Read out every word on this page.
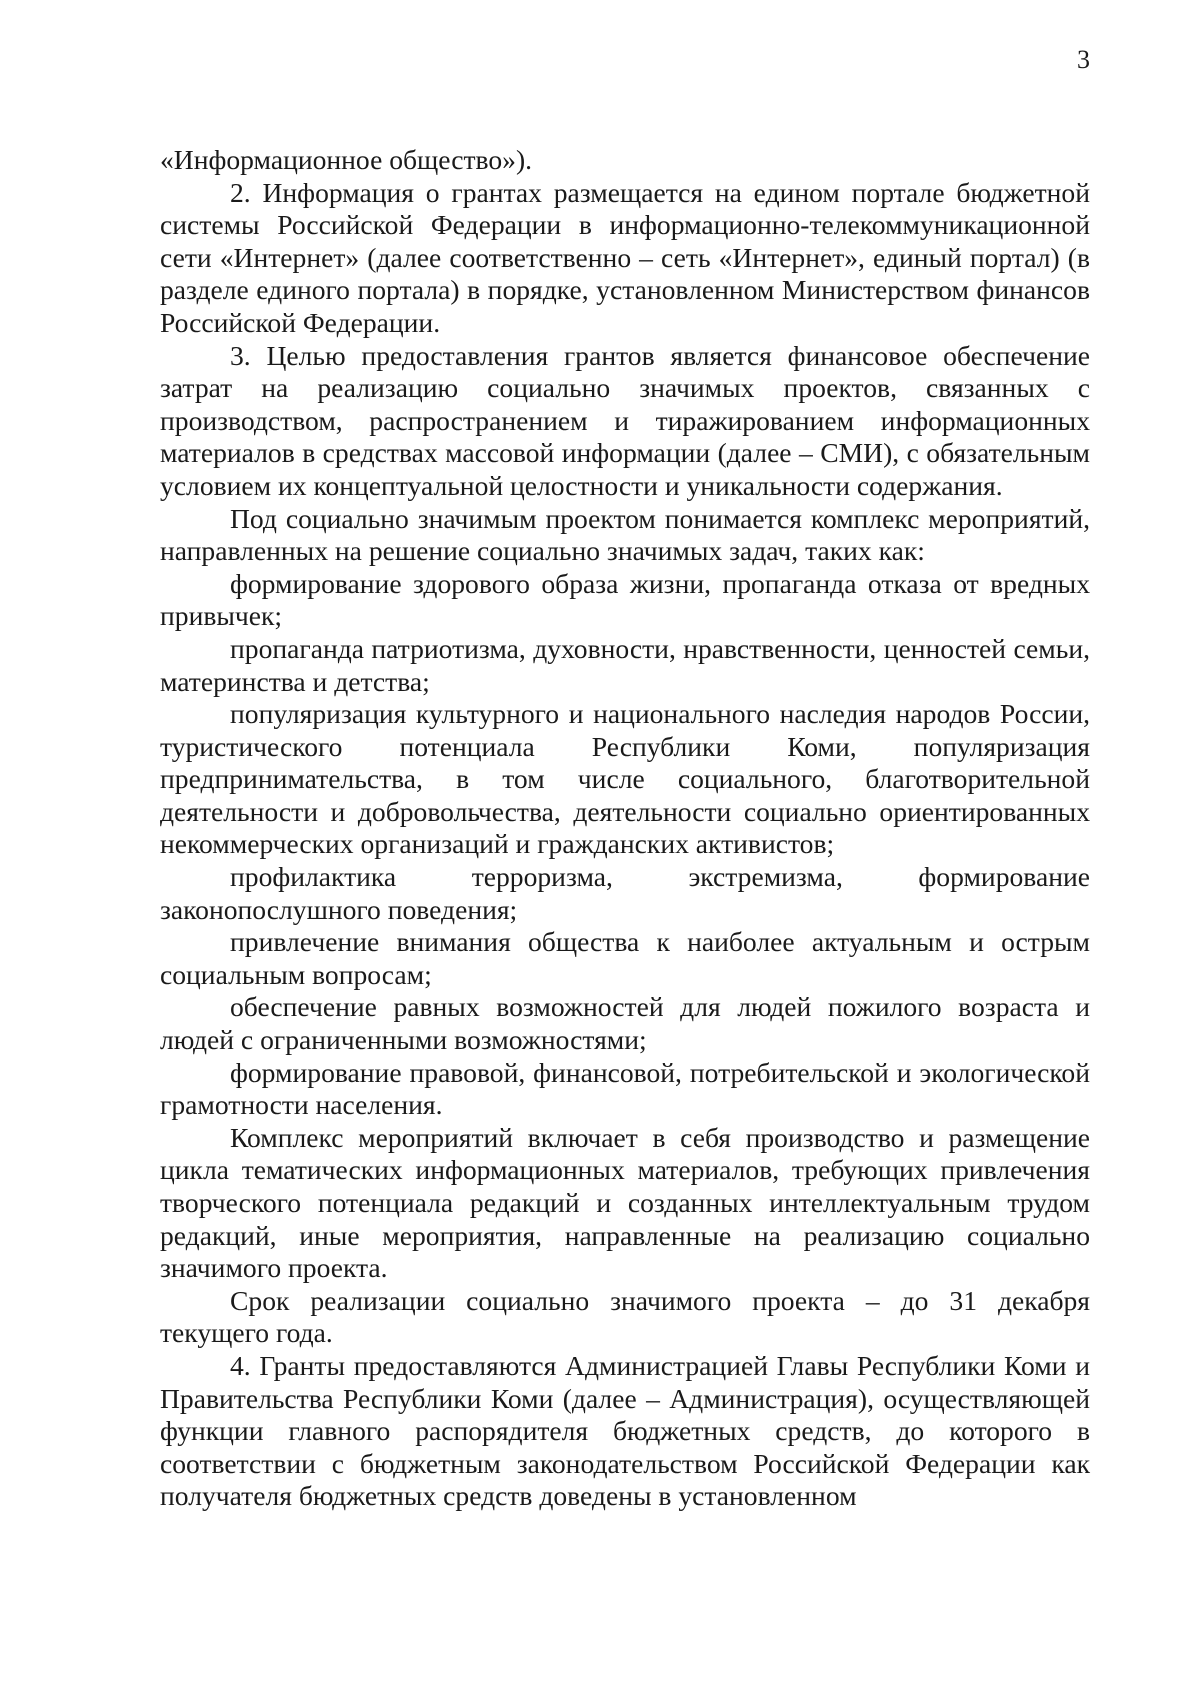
3

«Информационное общество»).

2. Информация о грантах размещается на едином портале бюджетной системы Российской Федерации в информационно-телекоммуникационной сети «Интернет» (далее соответственно – сеть «Интернет», единый портал) (в разделе единого портала) в порядке, установленном Министерством финансов Российской Федерации.

3. Целью предоставления грантов является финансовое обеспечение затрат на реализацию социально значимых проектов, связанных с производством, распространением и тиражированием информационных материалов в средствах массовой информации (далее – СМИ), с обязательным условием их концептуальной целостности и уникальности содержания.

Под социально значимым проектом понимается комплекс мероприятий, направленных на решение социально значимых задач, таких как:

формирование здорового образа жизни, пропаганда отказа от вредных привычек;

пропаганда патриотизма, духовности, нравственности, ценностей семьи, материнства и детства;

популяризация культурного и национального наследия народов России, туристического потенциала Республики Коми, популяризация предпринимательства, в том числе социального, благотворительной деятельности и добровольчества, деятельности социально ориентированных некоммерческих организаций и гражданских активистов;

профилактика терроризма, экстремизма, формирование законопослушного поведения;

привлечение внимания общества к наиболее актуальным и острым социальным вопросам;

обеспечение равных возможностей для людей пожилого возраста и людей с ограниченными возможностями;

формирование правовой, финансовой, потребительской и экологической грамотности населения.

Комплекс мероприятий включает в себя производство и размещение цикла тематических информационных материалов, требующих привлечения творческого потенциала редакций и созданных интеллектуальным трудом редакций, иные мероприятия, направленные на реализацию социально значимого проекта.

Срок реализации социально значимого проекта – до 31 декабря текущего года.

4. Гранты предоставляются Администрацией Главы Республики Коми и Правительства Республики Коми (далее – Администрация), осуществляющей функции главного распорядителя бюджетных средств, до которого в соответствии с бюджетным законодательством Российской Федерации как получателя бюджетных средств доведены в установленном
